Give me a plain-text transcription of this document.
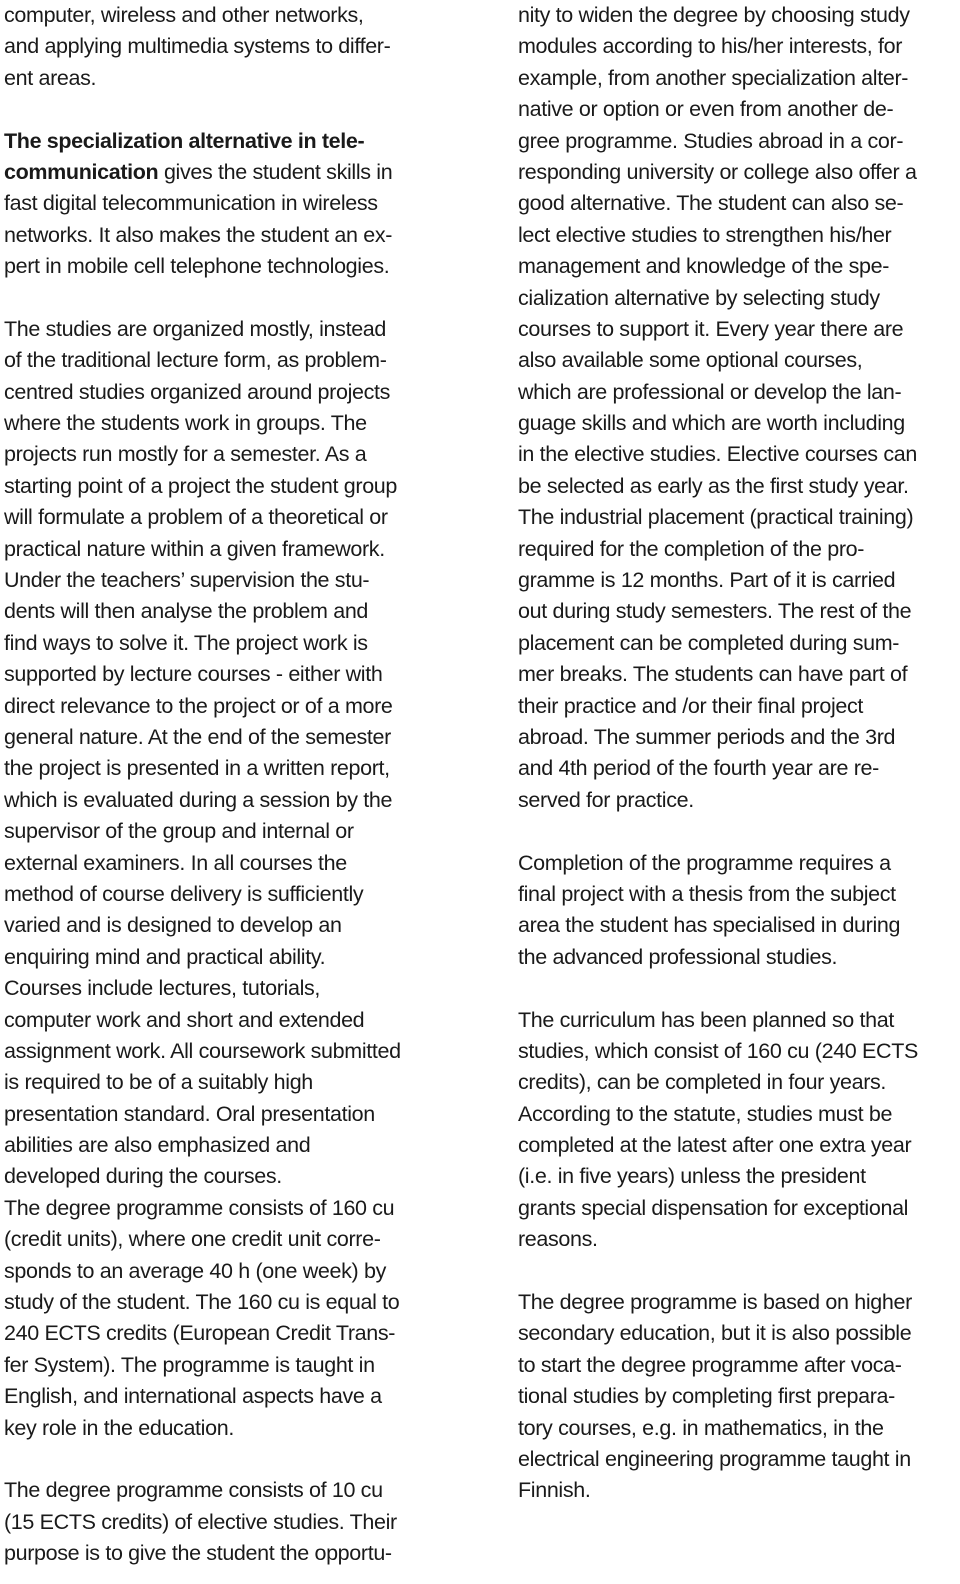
computer, wireless and other networks,
and applying multimedia systems to differ-
ent areas.
The specialization alternative in tele-
communication gives the student skills in
fast digital telecommunication in wireless
networks. It also makes the student an ex-
pert in mobile cell telephone technologies.
The studies are organized mostly, instead
of the traditional lecture form, as problem-
centred studies organized around projects
where the students work in groups. The
projects run mostly for a semester. As a
starting point of a project the student group
will formulate a problem of a theoretical or
practical nature within a given framework.
Under the teachers’ supervision the stu-
dents will then analyse the problem and
find ways to solve it. The project work is
supported by lecture courses - either with
direct relevance to the project or of a more
general nature. At the end of the semester
the project is presented in a written report,
which is evaluated during a session by the
supervisor of the group and internal or
external examiners. In all courses the
method of course delivery is sufficiently
varied and is designed to develop an
enquiring mind and practical ability.
Courses include lectures, tutorials,
computer work and short and extended
assignment work. All coursework submitted
is required to be of a suitably high
presentation standard. Oral presentation
abilities are also emphasized and
developed during the courses.
The degree programme consists of 160 cu
(credit units), where one credit unit corre-
sponds to an average 40 h (one week) by
study of the student. The 160 cu is equal to
240 ECTS credits (European Credit Trans-
fer System). The programme is taught in
English, and international aspects have a
key role in the education.
The degree programme consists of 10 cu
(15 ECTS credits) of elective studies. Their
purpose is to give the student the opportu-
nity to widen the degree by choosing study
modules according to his/her interests, for
example, from another specialization alter-
native or option or even from another de-
gree programme. Studies abroad in a cor-
responding university or college also offer a
good alternative. The student can also se-
lect elective studies to strengthen his/her
management and knowledge of the spe-
cialization alternative by selecting study
courses to support it. Every year there are
also available some optional courses,
which are professional or develop the lan-
guage skills and which are worth including
in the elective studies. Elective courses can
be selected as early as the first study year.
The industrial placement (practical training)
required for the completion of the pro-
gramme is 12 months. Part of it is carried
out during study semesters. The rest of the
placement can be completed during sum-
mer breaks. The students can have part of
their practice and /or their final project
abroad. The summer periods and the 3rd
and 4th period of the fourth year are re-
served for practice.
Completion of the programme requires a
final project with a thesis from the subject
area the student has specialised in during
the advanced professional studies.
The curriculum has been planned so that
studies, which consist of 160 cu (240 ECTS
credits), can be completed in four years.
According to the statute, studies must be
completed at the latest after one extra year
(i.e. in five years) unless the president
grants special dispensation for exceptional
reasons.
The degree programme is based on higher
secondary education, but it is also possible
to start the degree programme after voca-
tional studies by completing first prepara-
tory courses, e.g. in mathematics, in the
electrical engineering programme taught in
Finnish.
